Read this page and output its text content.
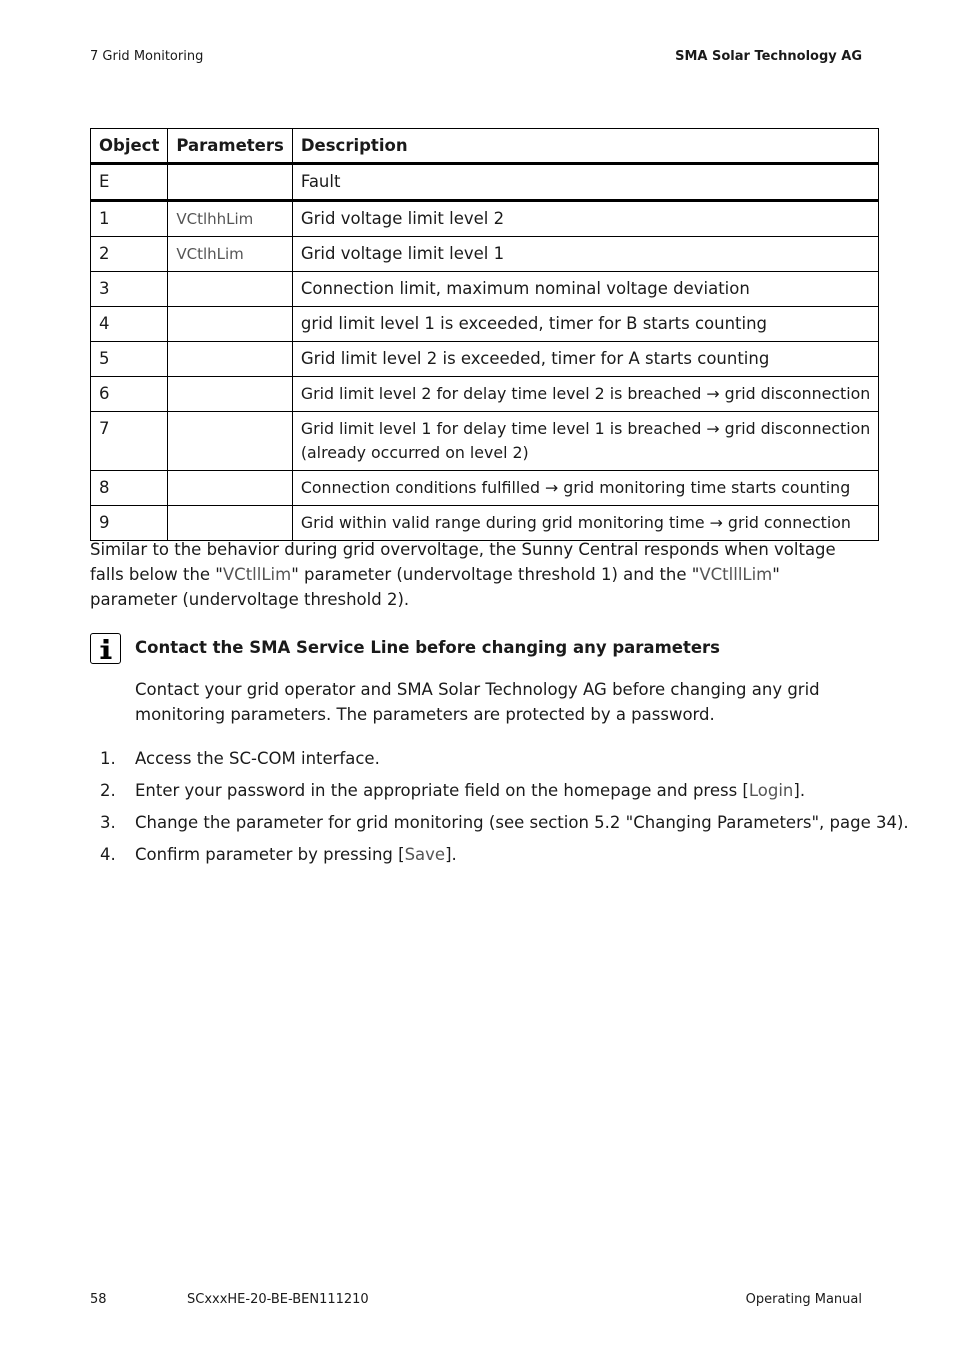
7 Grid Monitoring	SMA Solar Technology AG
Object	Parameters	Description
E		Fault
1	VCtlhhLim	Grid voltage limit level 2
2	VCtlhLim	Grid voltage limit level 1
3		Connection limit, maximum nominal voltage deviation
4		grid limit level 1 is exceeded, timer for B starts counting
5		Grid limit level 2 is exceeded, timer for A starts counting
6		Grid limit level 2 for delay time level 2 is breached → grid disconnection
7		Grid limit level 1 for delay time level 1 is breached → grid disconnection (already occurred on level 2)
8		Connection conditions fulfilled → grid monitoring time starts counting
9		Grid within valid range during grid monitoring time → grid connection
Similar to the behavior during grid overvoltage, the Sunny Central responds when voltage falls below the "VCtllLim" parameter (undervoltage threshold 1) and the "VCtlllLim" parameter (undervoltage threshold 2).
Contact the SMA Service Line before changing any parameters
Contact your grid operator and SMA Solar Technology AG before changing any grid monitoring parameters. The parameters are protected by a password.
1.	Access the SC-COM interface.
2.	Enter your password in the appropriate field on the homepage and press [Login].
3.	Change the parameter for grid monitoring (see section 5.2 "Changing Parameters", page 34).
4.	Confirm parameter by pressing [Save].
58	SCxxxHE-20-BE-BEN111210	Operating Manual
